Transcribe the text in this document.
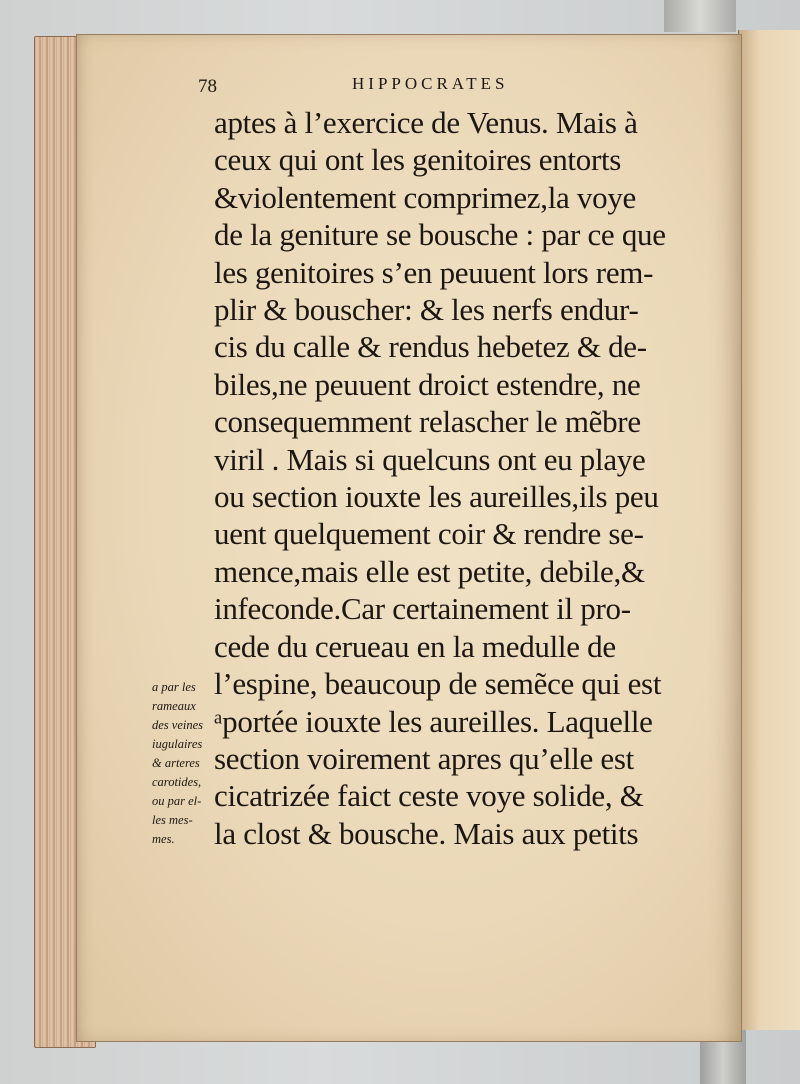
78	HIPPOCRATES
aptes à l’exercice de Venus. Mais à
ceux qui ont les genitoires entorts
&violentement comprimez,la voye
de la geniture se bousche : par ce que
les genitoires s’en peuuent lors rem-
plir & bouscher: & les nerfs endur-
cis du calle & rendus hebetez & de-
biles,ne peuuent droict estendre, ne
consequemment relascher le mẽbre
viril . Mais si quelcuns ont eu playe
ou section iouxte les aureilles,ils peu
uent quelquement coir & rendre se-
mence,mais elle est petite, debile,&
infeconde.Car certainement il pro-
cede du cerueau en la medulle de
l’espine, beaucoup de semẽce qui est
ᵃportée iouxte les aureilles. Laquelle
section voirement apres qu’elle est
cicatrizée faict ceste voye solide, &
la clost & bousche. Mais aux petits
a par les
rameaux
des veines
iugulaires
& arteres
carotides,
ou par el-
les mes-
mes.
